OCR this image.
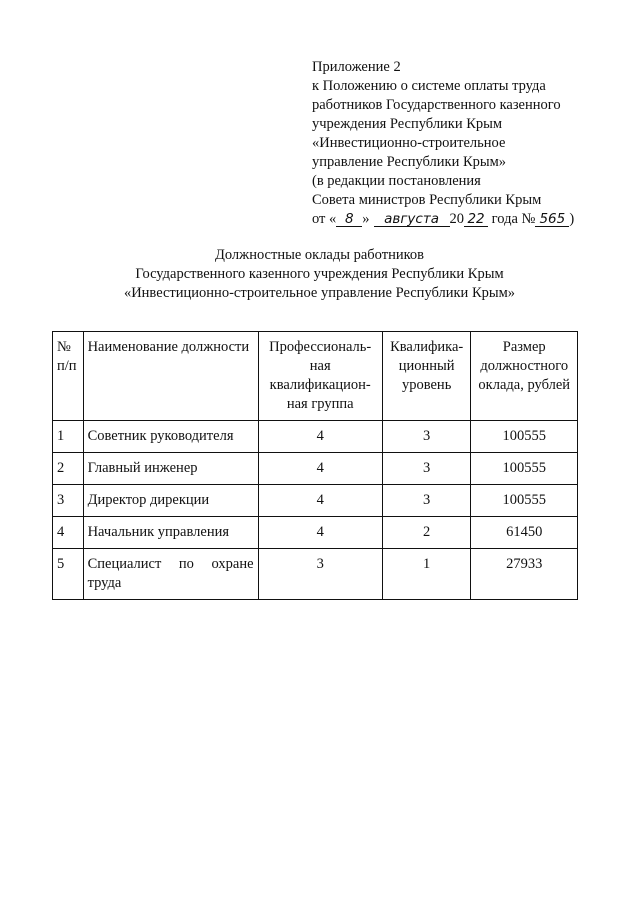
Приложение 2
к Положению о системе оплаты труда
работников Государственного казенного
учреждения Республики Крым
«Инвестиционно-строительное
управление Республики Крым»
(в редакции постановления
Совета министров Республики Крым
от « 8 » августа 20 22 года № 565 )
Должностные оклады работников
Государственного казенного учреждения Республики Крым
«Инвестиционно-строительное управление Республики Крым»
№ п/п	Наименование должности	Профессиональ-ная квалификацион-ная группа	Квалифика-ционный уровень	Размер должностного оклада, рублей
1	Советник руководителя	4	3	100555
2	Главный инженер	4	3	100555
3	Директор дирекции	4	3	100555
4	Начальник управления	4	2	61450
5	Специалист по охране труда	3	1	27933
